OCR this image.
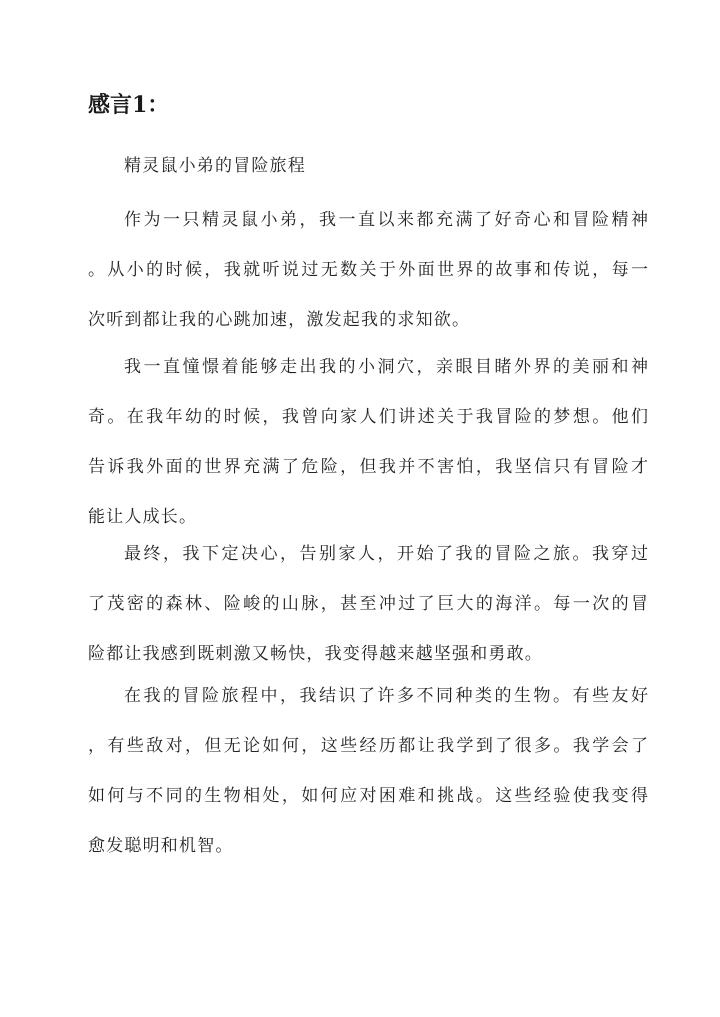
感言1：

精灵鼠小弟的冒险旅程

作为一只精灵鼠小弟，我一直以来都充满了好奇心和冒险精神
。从小的时候，我就听说过无数关于外面世界的故事和传说，每一
次听到都让我的心跳加速，激发起我的求知欲。
我一直憧憬着能够走出我的小洞穴，亲眼目睹外界的美丽和神
奇。在我年幼的时候，我曾向家人们讲述关于我冒险的梦想。他们
告诉我外面的世界充满了危险，但我并不害怕，我坚信只有冒险才
能让人成长。
最终，我下定决心，告别家人，开始了我的冒险之旅。我穿过
了茂密的森林、险峻的山脉，甚至冲过了巨大的海洋。每一次的冒
险都让我感到既刺激又畅快，我变得越来越坚强和勇敢。
在我的冒险旅程中，我结识了许多不同种类的生物。有些友好
，有些敌对，但无论如何，这些经历都让我学到了很多。我学会了
如何与不同的生物相处，如何应对困难和挑战。这些经验使我变得
愈发聪明和机智。
